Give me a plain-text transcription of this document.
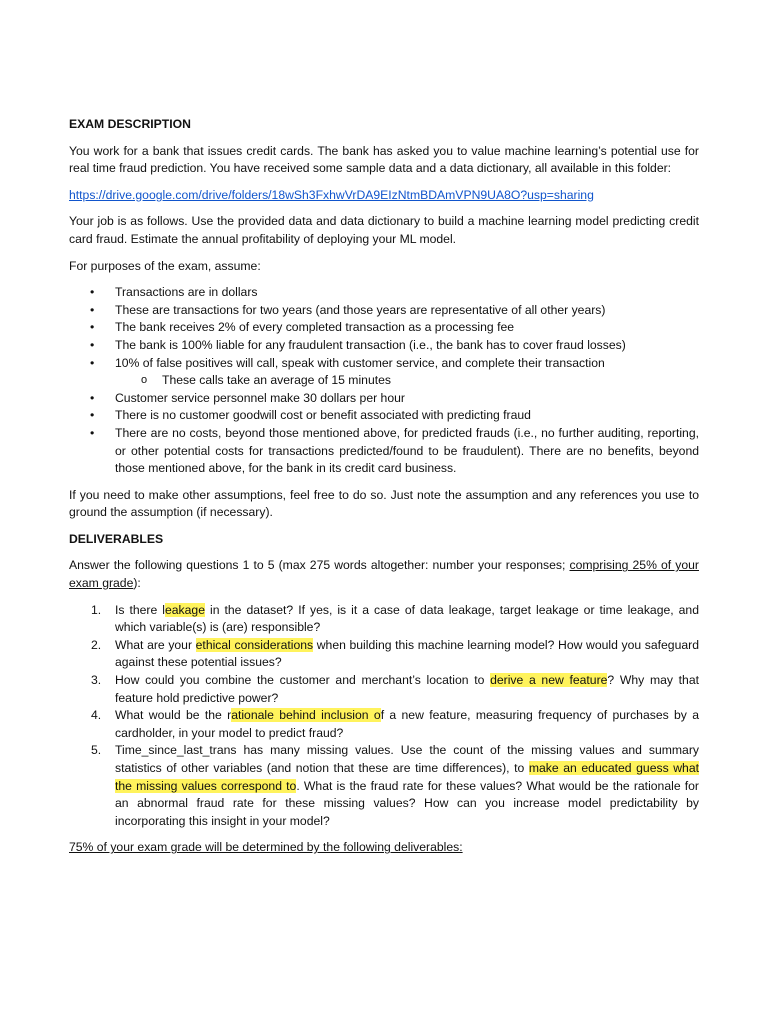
EXAM DESCRIPTION

You work for a bank that issues credit cards. The bank has asked you to value machine learning’s potential use for real time fraud prediction. You have received some sample data and a data dictionary, all available in this folder:

https://drive.google.com/drive/folders/18wSh3FxhwVrDA9EIzNtmBDAmVPN9UA8O?usp=sharing

Your job is as follows. Use the provided data and data dictionary to build a machine learning model predicting credit card fraud. Estimate the annual profitability of deploying your ML model.

For purposes of the exam, assume:

• Transactions are in dollars
• These are transactions for two years (and those years are representative of all other years)
• The bank receives 2% of every completed transaction as a processing fee
• The bank is 100% liable for any fraudulent transaction (i.e., the bank has to cover fraud losses)
• 10% of false positives will call, speak with customer service, and complete their transaction
o These calls take an average of 15 minutes
• Customer service personnel make 30 dollars per hour
• There is no customer goodwill cost or benefit associated with predicting fraud
• There are no costs, beyond those mentioned above, for predicted frauds (i.e., no further auditing, reporting, or other potential costs for transactions predicted/found to be fraudulent). There are no benefits, beyond those mentioned above, for the bank in its credit card business.

If you need to make other assumptions, feel free to do so. Just note the assumption and any references you use to ground the assumption (if necessary).

DELIVERABLES

Answer the following questions 1 to 5 (max 275 words altogether: number your responses; comprising 25% of your exam grade):

1. Is there leakage in the dataset? If yes, is it a case of data leakage, target leakage or time leakage, and which variable(s) is (are) responsible?
2. What are your ethical considerations when building this machine learning model? How would you safeguard against these potential issues?
3. How could you combine the customer and merchant’s location to derive a new feature? Why may that feature hold predictive power?
4. What would be the rationale behind inclusion of a new feature, measuring frequency of purchases by a cardholder, in your model to predict fraud?
5. Time_since_last_trans has many missing values. Use the count of the missing values and summary statistics of other variables (and notion that these are time differences), to make an educated guess what the missing values correspond to. What is the fraud rate for these values? What would be the rationale for an abnormal fraud rate for these missing values? How can you increase model predictability by incorporating this insight in your model?

75% of your exam grade will be determined by the following deliverables:
